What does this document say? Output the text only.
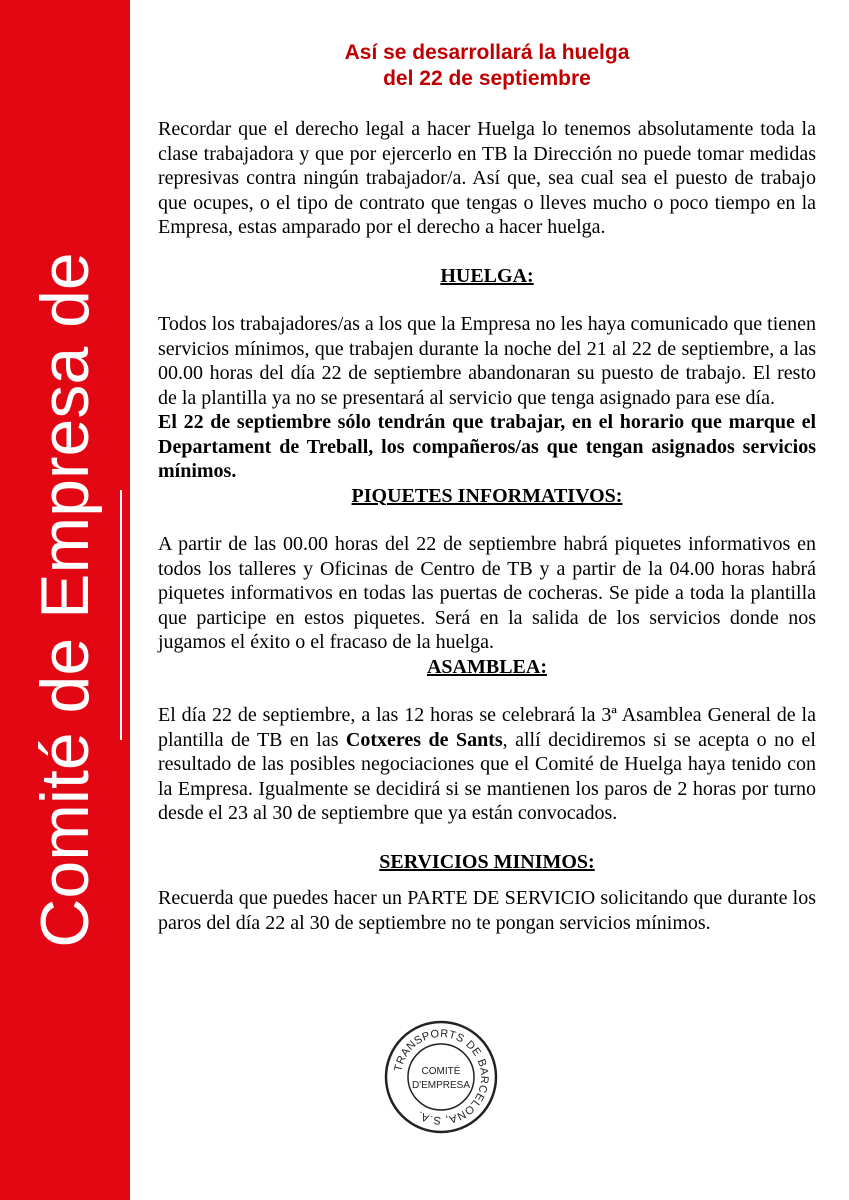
Comité de Empresa de
Así se desarrollará la huelga
del 22 de septiembre

Recordar que el derecho legal a hacer Huelga lo tenemos absolutamente toda la clase trabajadora y que por ejercerlo en TB la Dirección no puede tomar medidas represivas contra ningún trabajador/a. Así que, sea cual sea el puesto de trabajo que ocupes, o el tipo de contrato que tengas o lleves mucho o poco tiempo en la Empresa, estas amparado por el derecho a hacer huelga.

HUELGA:

Todos los trabajadores/as a los que la Empresa no les haya comunicado que tienen servicios mínimos, que trabajen durante la noche del 21 al 22 de septiembre, a las 00.00 horas del día 22 de septiembre abandonaran su puesto de trabajo. El resto de la plantilla ya no se presentará al servicio que tenga asignado para ese día.

El 22 de septiembre sólo tendrán que trabajar, en el horario que marque el Departament de Treball, los compañeros/as que tengan asignados servicios mínimos.

PIQUETES INFORMATIVOS:

A partir de las 00.00 horas del 22 de septiembre habrá piquetes informativos en todos los talleres y Oficinas de Centro de TB y a partir de la 04.00 horas habrá piquetes informativos en todas las puertas de cocheras. Se pide a toda la plantilla que participe en estos piquetes. Será en la salida de los servicios donde nos jugamos el éxito o el fracaso de la huelga.

ASAMBLEA:

El día 22 de septiembre, a las 12 horas se celebrará la 3ª Asamblea General de la plantilla de TB en las Cotxeres de Sants, allí decidiremos si se acepta o no el resultado de las posibles negociaciones que el Comité de Huelga haya tenido con la Empresa. Igualmente se decidirá si se mantienen los paros de 2 horas por turno desde el 23 al 30 de septiembre que ya están convocados.

SERVICIOS MINIMOS:

Recuerda que puedes hacer un PARTE DE SERVICIO solicitando que durante los paros del día 22 al 30 de septiembre no te pongan servicios mínimos.

TRANSPORTS DE BARCELONA, S.A.
COMITÉ
D'EMPRESA
